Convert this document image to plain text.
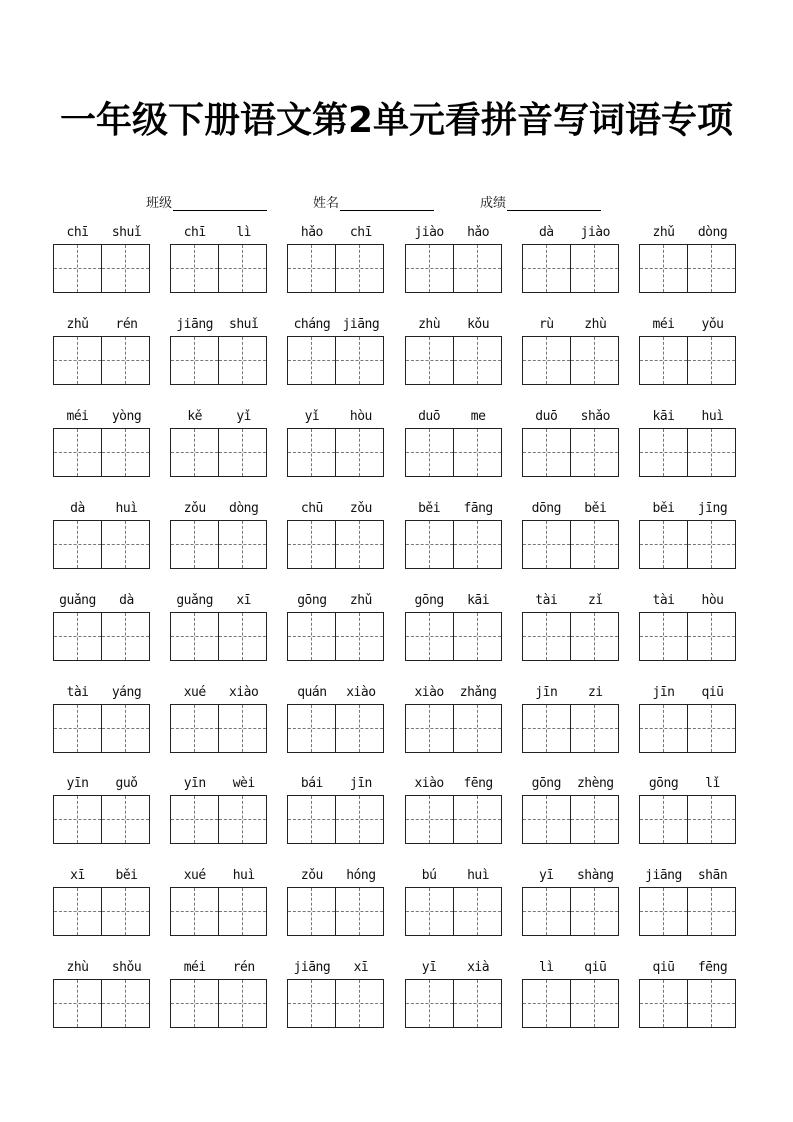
一年级下册语文第2单元看拼音写词语专项
班级	姓名	成绩
chī	shuǐ	chī	lì	hǎo	chī	jiào	hǎo	dà	jiào	zhǔ	dòng
zhǔ	rén	jiāng	shuǐ	cháng jiāng	zhù	kǒu	rù	zhù	méi	yǒu
méi	yòng	kě	yǐ	yǐ	hòu	duō	me	duō	shǎo	kāi	huì
dà	huì	zǒu	dòng	chū	zǒu	běi	fāng	dōng	běi	běi	jīng
guǎng	dà	guǎng	xī	gōng	zhǔ	gōng	kāi	tài	zǐ	tài	hòu
tài	yáng	xué	xiào	quán	xiào	xiào	zhǎng	jīn	zi	jīn	qiū
yīn	guǒ	yīn	wèi	bái	jīn	xiào	fēng	gōng	zhèng	gōng	lǐ
xī	běi	xué	huì	zǒu	hóng	bú	huì	yī	shàng	jiāng	shān
zhù	shǒu	méi	rén	jiāng	xī	yī	xià	lì	qiū	qiū	fēng
